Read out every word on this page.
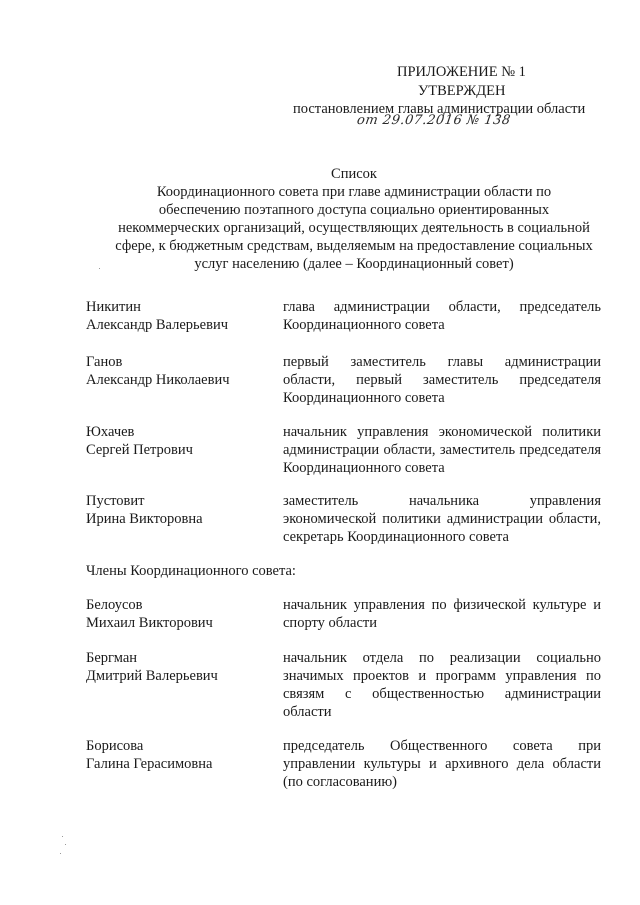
ПРИЛОЖЕНИЕ № 1
УТВЕРЖДЕН
постановлением главы администрации области
от 29.07.2016 № 138
Список
Координационного совета при главе администрации области по
обеспечению поэтапного доступа социально ориентированных
некоммерческих организаций, осуществляющих деятельность в социальной
сфере, к бюджетным средствам, выделяемым на предоставление социальных
услуг населению (далее – Координационный совет)
Никитин
Александр Валерьевич
глава администрации области, председатель Координационного совета
Ганов
Александр Николаевич
первый заместитель главы администрации области, первый заместитель председателя Координационного совета
Юхачев
Сергей Петрович
начальник управления экономической политики администрации области, заместитель председателя Координационного совета
Пустовит
Ирина Викторовна
заместитель начальника управления экономической политики администрации области, секретарь Координационного совета
Члены Координационного совета:
Белоусов
Михаил Викторович
начальник управления по физической культуре и спорту области
Бергман
Дмитрий Валерьевич
начальник отдела по реализации социально значимых проектов и программ управления по связям с общественностью администрации области
Борисова
Галина Герасимовна
председатель Общественного совета при управлении культуры и архивного дела области (по согласованию)
